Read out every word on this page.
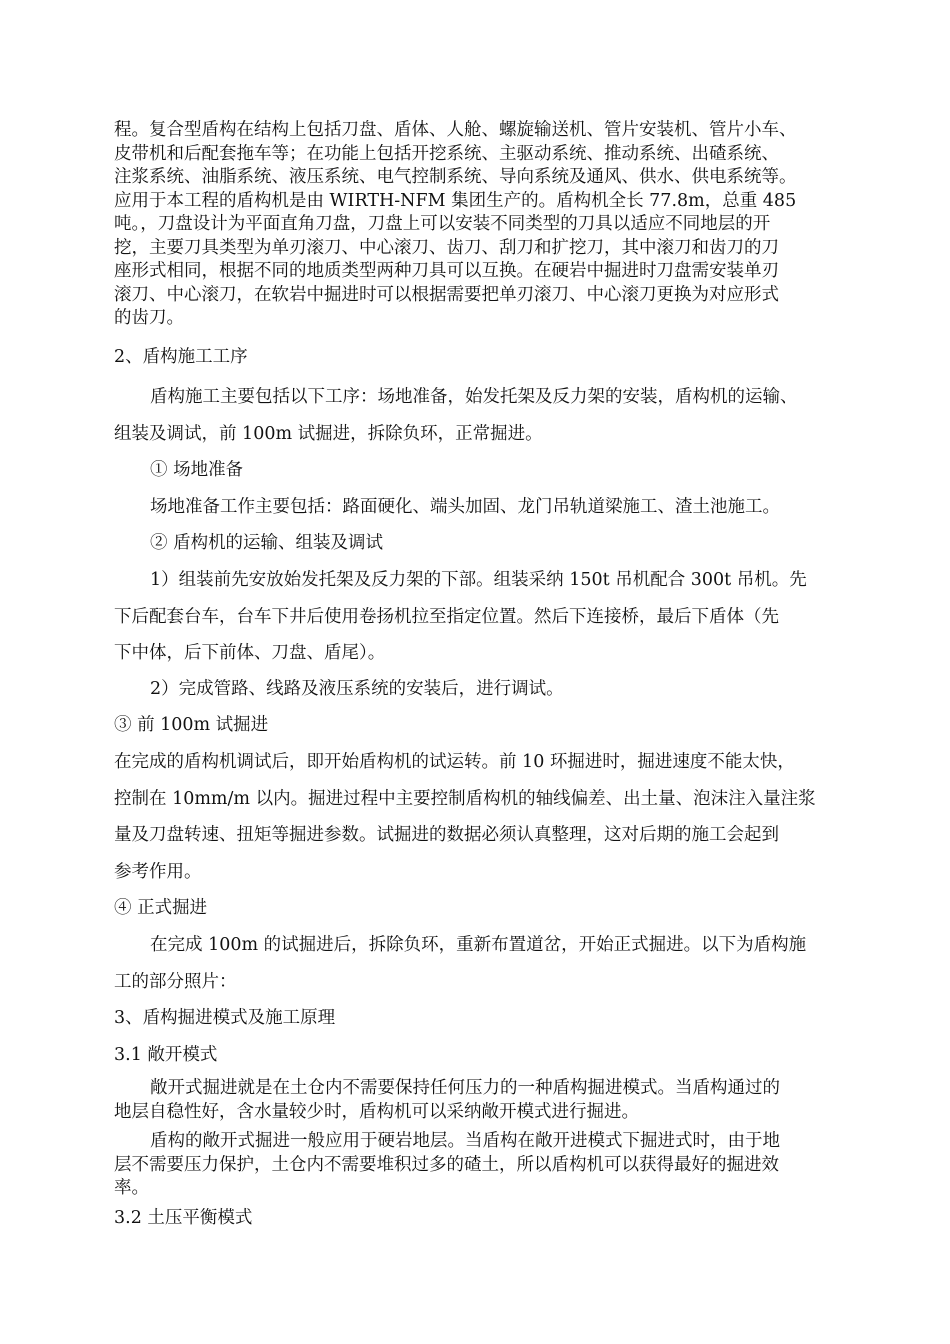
程。复合型盾构在结构上包括刀盘、盾体、人舱、螺旋输送机、管片安装机、管片小车、
皮带机和后配套拖车等；在功能上包括开挖系统、主驱动系统、推动系统、出碴系统、
注浆系统、油脂系统、液压系统、电气控制系统、导向系统及通风、供水、供电系统等。
应用于本工程的盾构机是由 WIRTH-NFM 集团生产的。盾构机全长 77.8m，总重 485
吨。，刀盘设计为平面直角刀盘，刀盘上可以安装不同类型的刀具以适应不同地层的开
挖，主要刀具类型为单刃滚刀、中心滚刀、齿刀、刮刀和扩挖刀，其中滚刀和齿刀的刀
座形式相同，根据不同的地质类型两种刀具可以互换。在硬岩中掘进时刀盘需安装单刃
滚刀、中心滚刀，在软岩中掘进时可以根据需要把单刃滚刀、中心滚刀更换为对应形式
的齿刀。
2、盾构施工工序
盾构施工主要包括以下工序：场地准备，始发托架及反力架的安装，盾构机的运输、
组装及调试，前 100m 试掘进，拆除负环，正常掘进。
① 场地准备
场地准备工作主要包括：路面硬化、端头加固、龙门吊轨道梁施工、渣土池施工。
② 盾构机的运输、组装及调试
1）组装前先安放始发托架及反力架的下部。组装采纳 150t 吊机配合 300t 吊机。先
下后配套台车，台车下井后使用卷扬机拉至指定位置。然后下连接桥，最后下盾体（先
下中体，后下前体、刀盘、盾尾）。
2）完成管路、线路及液压系统的安装后，进行调试。
③ 前 100m 试掘进
在完成的盾构机调试后，即开始盾构机的试运转。前 10 环掘进时，掘进速度不能太快，
控制在 10mm/m 以内。掘进过程中主要控制盾构机的轴线偏差、出土量、泡沫注入量注浆
量及刀盘转速、扭矩等掘进参数。试掘进的数据必须认真整理，这对后期的施工会起到
参考作用。
④ 正式掘进
在完成 100m 的试掘进后，拆除负环，重新布置道岔，开始正式掘进。以下为盾构施
工的部分照片：
3、盾构掘进模式及施工原理
3.1 敞开模式
敞开式掘进就是在土仓内不需要保持任何压力的一种盾构掘进模式。当盾构通过的
地层自稳性好，含水量较少时，盾构机可以采纳敞开模式进行掘进。
盾构的敞开式掘进一般应用于硬岩地层。当盾构在敞开进模式下掘进式时，由于地
层不需要压力保护，土仓内不需要堆积过多的碴土，所以盾构机可以获得最好的掘进效
率。
3.2 土压平衡模式
